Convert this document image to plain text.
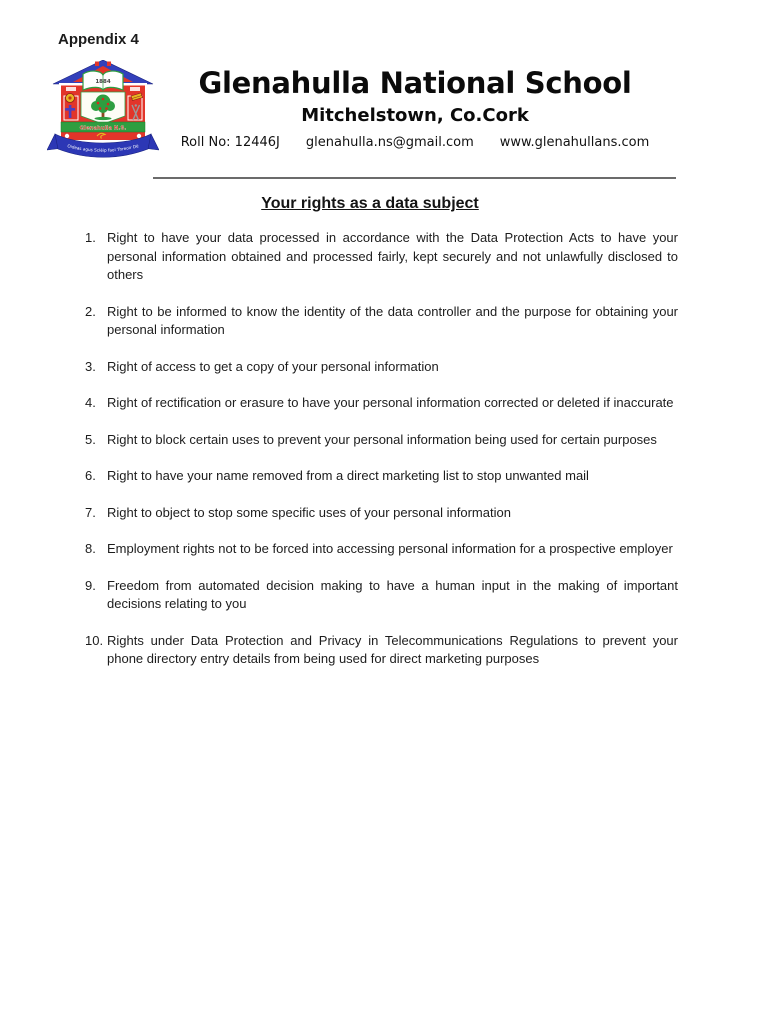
Appendix 4
1884
Glenahulla N.S.
Oideas agus Scléip faoi Threoir Dé
Glenahulla National School
Mitchelstown, Co.Cork
Roll No: 12446J glenahulla.ns@gmail.com www.glenahullans.com
Your rights as a data subject
1. Right to have your data processed in accordance with the Data Protection Acts to have your personal information obtained and processed fairly, kept securely and not unlawfully disclosed to others
2. Right to be informed to know the identity of the data controller and the purpose for obtaining your personal information
3. Right of access to get a copy of your personal information
4. Right of rectification or erasure to have your personal information corrected or deleted if inaccurate
5. Right to block certain uses to prevent your personal information being used for certain purposes
6. Right to have your name removed from a direct marketing list to stop unwanted mail
7. Right to object to stop some specific uses of your personal information
8. Employment rights not to be forced into accessing personal information for a prospective employer
9. Freedom from automated decision making to have a human input in the making of important decisions relating to you
10. Rights under Data Protection and Privacy in Telecommunications Regulations to prevent your phone directory entry details from being used for direct marketing purposes
